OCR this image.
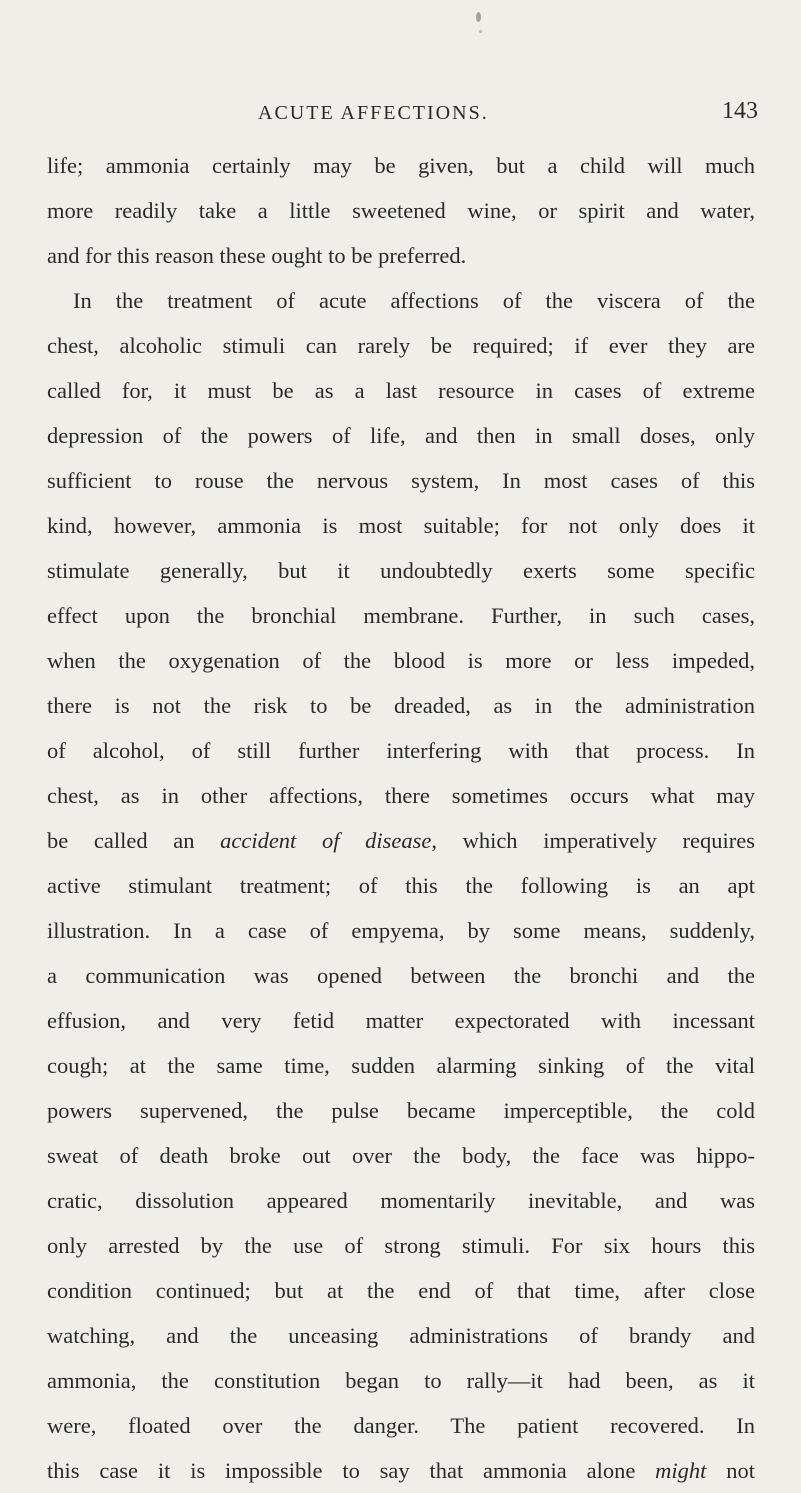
ACUTE AFFECTIONS.	143
life; ammonia certainly may be given, but a child will much
more readily take a little sweetened wine, or spirit and water,
and for this reason these ought to be preferred.
In the treatment of acute affections of the viscera of the
chest, alcoholic stimuli can rarely be required; if ever they are
called for, it must be as a last resource in cases of extreme
depression of the powers of life, and then in small doses, only
sufficient to rouse the nervous system, In most cases of this
kind, however, ammonia is most suitable; for not only does it
stimulate generally, but it undoubtedly exerts some specific
effect upon the bronchial membrane. Further, in such cases,
when the oxygenation of the blood is more or less impeded,
there is not the risk to be dreaded, as in the administration
of alcohol, of still further interfering with that process. In
chest, as in other affections, there sometimes occurs what may
be called an accident of disease, which imperatively requires
active stimulant treatment; of this the following is an apt
illustration. In a case of empyema, by some means, suddenly,
a communication was opened between the bronchi and the
effusion, and very fetid matter expectorated with incessant
cough; at the same time, sudden alarming sinking of the vital
powers supervened, the pulse became imperceptible, the cold
sweat of death broke out over the body, the face was hippo-
cratic, dissolution appeared momentarily inevitable, and was
only arrested by the use of strong stimuli. For six hours this
condition continued; but at the end of that time, after close
watching, and the unceasing administrations of brandy and
ammonia, the constitution began to rally—it had been, as it
were, floated over the danger. The patient recovered. In
this case it is impossible to say that ammonia alone might not
